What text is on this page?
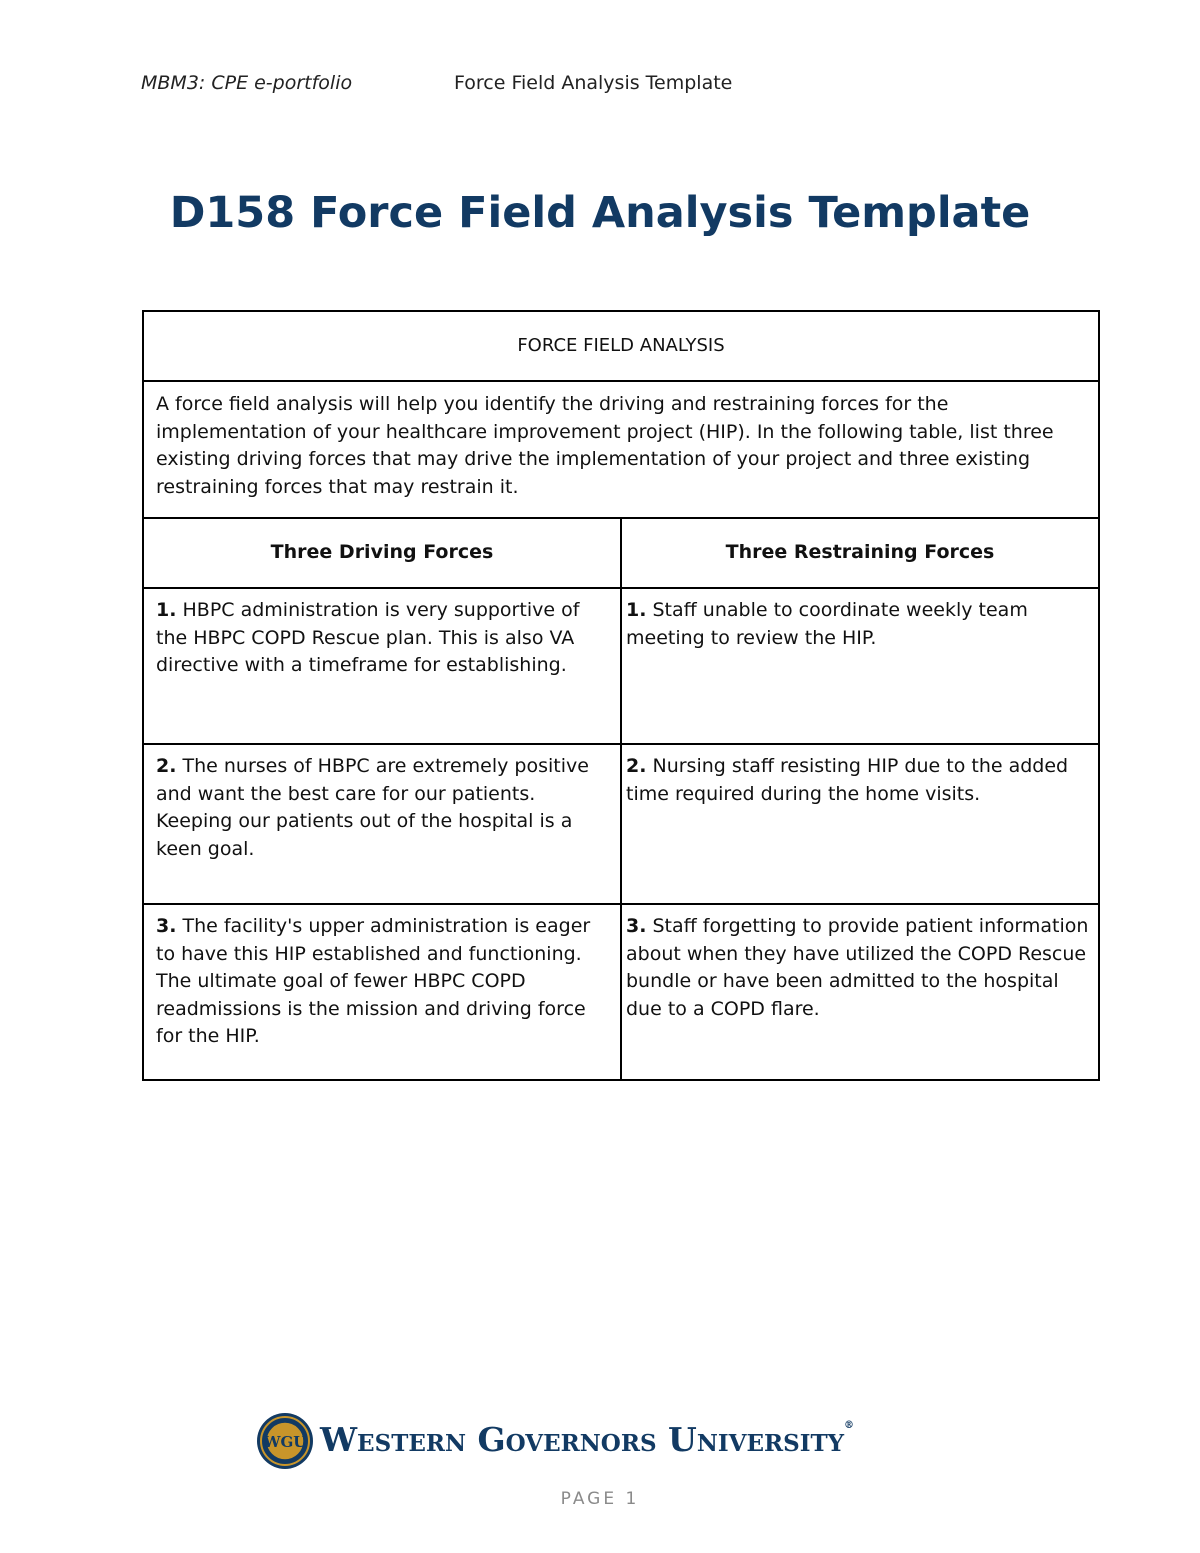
MBM3: CPE e-portfolio	Force Field Analysis Template
D158 Force Field Analysis Template
FORCE FIELD ANALYSIS	
A force field analysis will help you identify the driving and restraining forces for the implementation of your healthcare improvement project (HIP). In the following table, list three existing driving forces that may drive the implementation of your project and three existing restraining forces that may restrain it.	
Three Driving Forces	Three Restraining Forces
1. HBPC administration is very supportive of the HBPC COPD Rescue plan. This is also VA directive with a timeframe for establishing.	1. Staff unable to coordinate weekly team meeting to review the HIP.
2. The nurses of HBPC are extremely positive and want the best care for our patients. Keeping our patients out of the hospital is a keen goal.	2. Nursing staff resisting HIP due to the added time required during the home visits.
3. The facility's upper administration is eager to have this HIP established and functioning. The ultimate goal of fewer HBPC COPD readmissions is the mission and driving force for the HIP.	3. Staff forgetting to provide patient information about when they have utilized the COPD Rescue bundle or have been admitted to the hospital due to a COPD flare.
WGU Western Governors University®
PAGE 1
